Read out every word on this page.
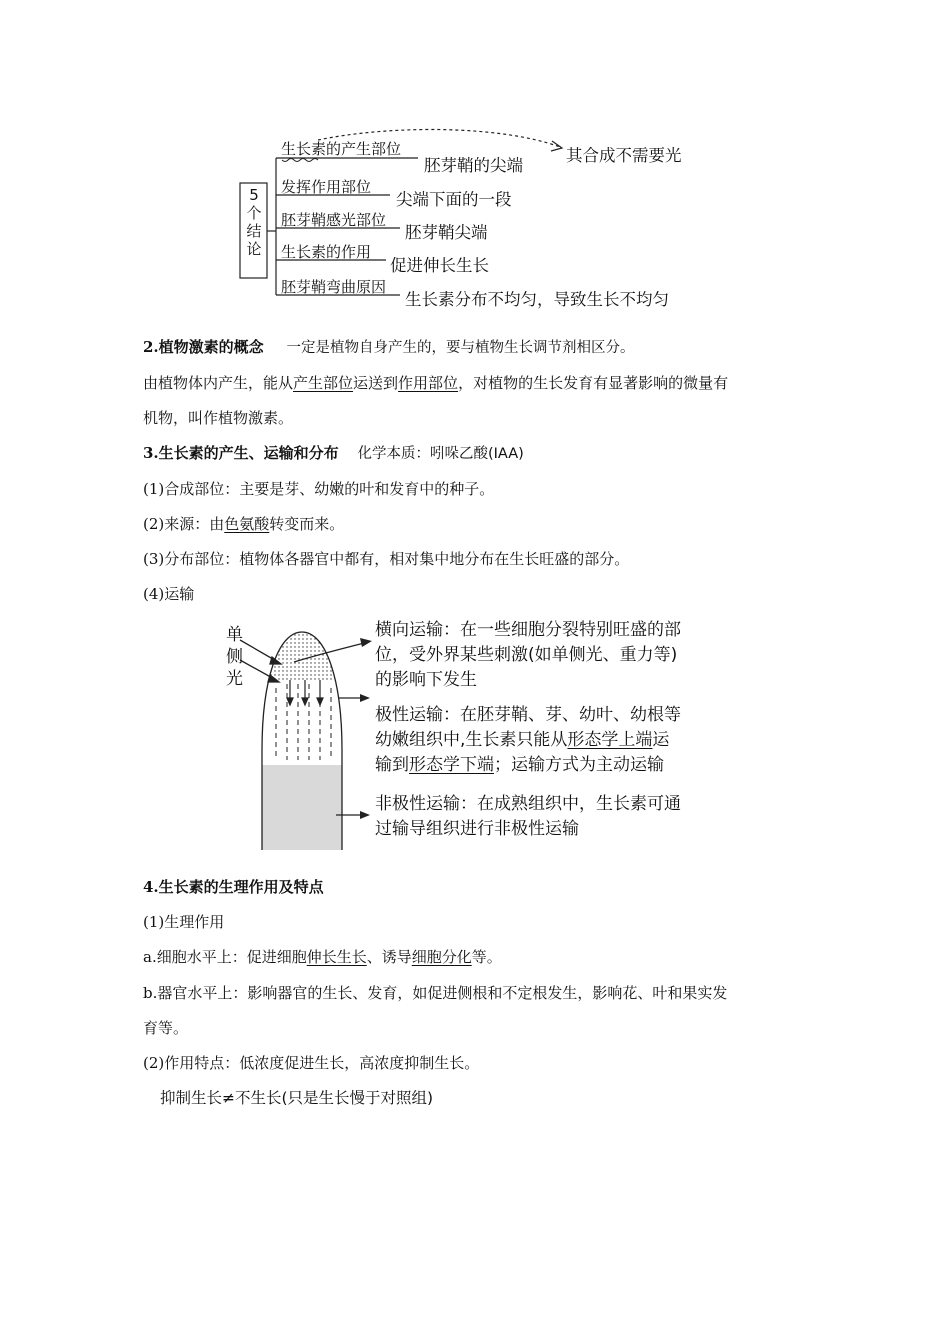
5
个
结
论
生长素的产生部位
胚芽鞘的尖端
其合成不需要光
发挥作用部位
尖端下面的一段
胚芽鞘感光部位
胚芽鞘尖端
生长素的作用
促进伸长生长
胚芽鞘弯曲原因
生长素分布不均匀，导致生长不均匀
2.植物激素的概念 一定是植物自身产生的，要与植物生长调节剂相区分。
由植物体内产生，能从产生部位运送到作用部位，对植物的生长发育有显著影响的微量有
机物，叫作植物激素。
3.生长素的产生、运输和分布 化学本质：吲哚乙酸(IAA)
(1)合成部位：主要是芽、幼嫩的叶和发育中的种子。
(2)来源：由色氨酸转变而来。
(3)分布部位：植物体各器官中都有，相对集中地分布在生长旺盛的部分。
(4)运输
单
侧
光
横向运输：在一些细胞分裂特别旺盛的部
位，受外界某些刺激(如单侧光、重力等)
的影响下发生
极性运输：在胚芽鞘、芽、幼叶、幼根等
幼嫩组织中,生长素只能从形态学上端运
输到形态学下端；运输方式为主动运输
非极性运输：在成熟组织中，生长素可通
过输导组织进行非极性运输
4.生长素的生理作用及特点
(1)生理作用
a.细胞水平上：促进细胞伸长生长、诱导细胞分化等。
b.器官水平上：影响器官的生长、发育，如促进侧根和不定根发生，影响花、叶和果实发
育等。
(2)作用特点：低浓度促进生长，高浓度抑制生长。
抑制生长≠不生长(只是生长慢于对照组)
